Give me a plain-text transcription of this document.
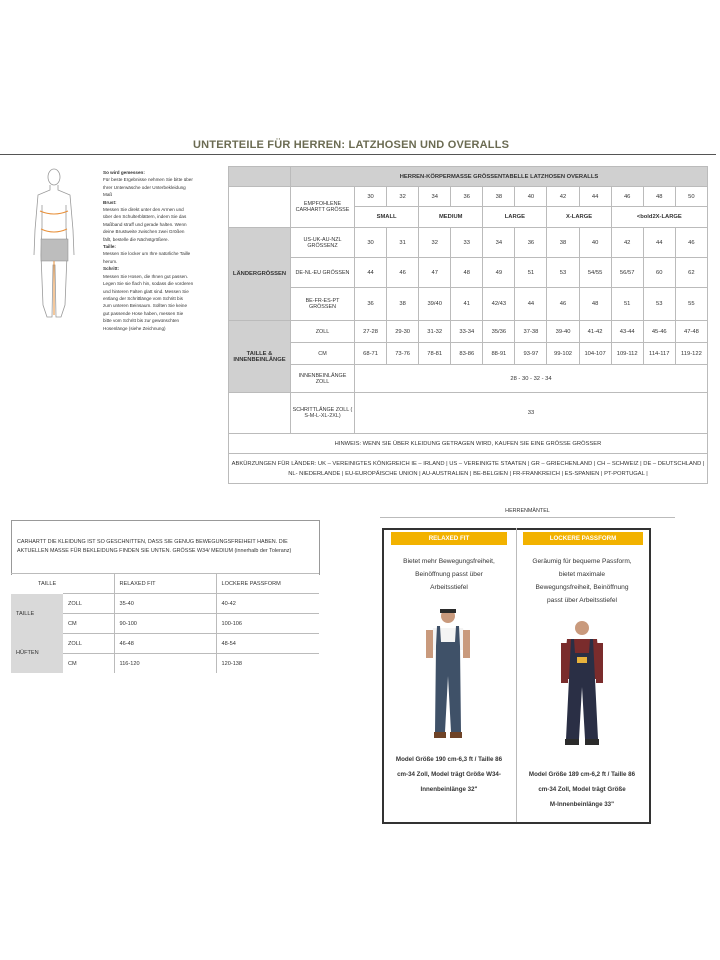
UNTERTEILE FÜR HERREN: LATZHOSEN UND OVERALLS
So wird gemessen:
Für beste Ergebnisse nehmen Sie bitte über
Ihrer Unterwäsche oder Unterbekleidung
Maß
Brust:
Messen Sie direkt unter den Armen und
über den Schulterblättern, indem Sie das
Maßband straff und gerade halten. Wenn
deine Brustweite zwischen zwei Größen
fällt, bestelle die Nächstgrößere.
Taille:
Messen Sie locker um Ihre natürliche Taille
herum.
Schritt:
Messen Sie Hosen, die Ihnen gut passen.
Legen Sie sie flach hin, sodass die vorderen
und hinteren Falten glatt sind. Messen Sie
entlang der Schrittlänge vom Schritt bis
zum unteren Beinsaum. Sollten Sie keine
gut passende Hose haben, messen Sie
bitte vom Schritt bis zur gewünschten
Hosenlänge (siehe Zeichnung)
	HERREN-KÖRPERMASSE GRÖSSENTABELLE LATZHOSEN OVERALLS											
	EMPFOHLENE CARHARTT GRÖSSE	30	32	34	36	38	40	42	44	46	48	50
		SMALL		MEDIUM		LARGE		X-LARGE		<bold2X-LARGE		
LÄNDERGRÖSSEN	US-UK-AU-NZL GRÖSSENZ	30	31	32	33	34	36	38	40	42	44	46
	DE-NL-EU GRÖSSEN	44	46	47	48	49	51	53	54/55	56/57	60	62
	BE-FR-ES-PT GRÖSSEN	36	38	39/40	41	42/43	44	46	48	51	53	55
TAILLE & INNENBEINLÄNGE	ZOLL	27-28	29-30	31-32	33-34	35/36	37-38	39-40	41-42	43-44	45-46	47-48
	CM	68-71	73-76	78-81	83-86	88-91	93-97	99-102	104-107	109-112	114-117	119-122
	INNENBEINLÄNGE ZOLL	28 - 30 - 32 - 34										
	SCHRITTLÄNGE ZOLL ( S-M-L-XL-2XL)	33										
HINWEIS: WENN SIE ÜBER KLEIDUNG GETRAGEN WIRD, KAUFEN SIE EINE GRÖSSE GRÖSSER												

ABKÜRZUNGEN FÜR LÄNDER: UK – VEREINIGTES KÖNIGREICH IE – IRLAND | US – VEREINIGTE STAATEN | GR – GRIECHENLAND | CH – SCHWEIZ | DE – DEUTSCHLAND |
NL- NIEDERLANDE | EU-EUROPÄISCHE UNION | AU-AUSTRALIEN | BE-BELGIEN | FR-FRANKREICH | ES-SPANIEN | PT-PORTUGAL |												
CARHARTT DIE KLEIDUNG IST SO GESCHNITTEN, DASS SIE GENUG BEWEGUNGSFREIHEIT HABEN. DIE AKTUELLEN MASSE FÜR BEKLEIDUNG FINDEN SIE UNTEN. GRÖSSE W34/ MEDIUM (innerhalb der Toleranz)
TAILLE		RELAXED FIT	LOCKERE PASSFORM
TAILLE	ZOLL	35-40	40-42
	CM	90-100	100-106
HÜFTEN	ZOLL	46-48	48-54
	CM	116-120	120-138
HERRENMÄNTEL
RELAXED FIT
Bietet mehr Bewegungsfreiheit,
Beinöffnung passt über
Arbeitsstiefel
Model Größe 190 cm-6,3 ft / Taille 86
cm-34 Zoll, Model trägt Größe W34-
Innenbeinlänge 32"
LOCKERE PASSFORM
Geräumig für bequeme Passform,
bietet maximale
Bewegungsfreiheit, Beinöffnung
passt über Arbeitsstiefel
Model Größe 189 cm-6,2 ft / Taille 86
cm-34 Zoll, Model trägt Größe
M-Innenbeinlänge 33"
